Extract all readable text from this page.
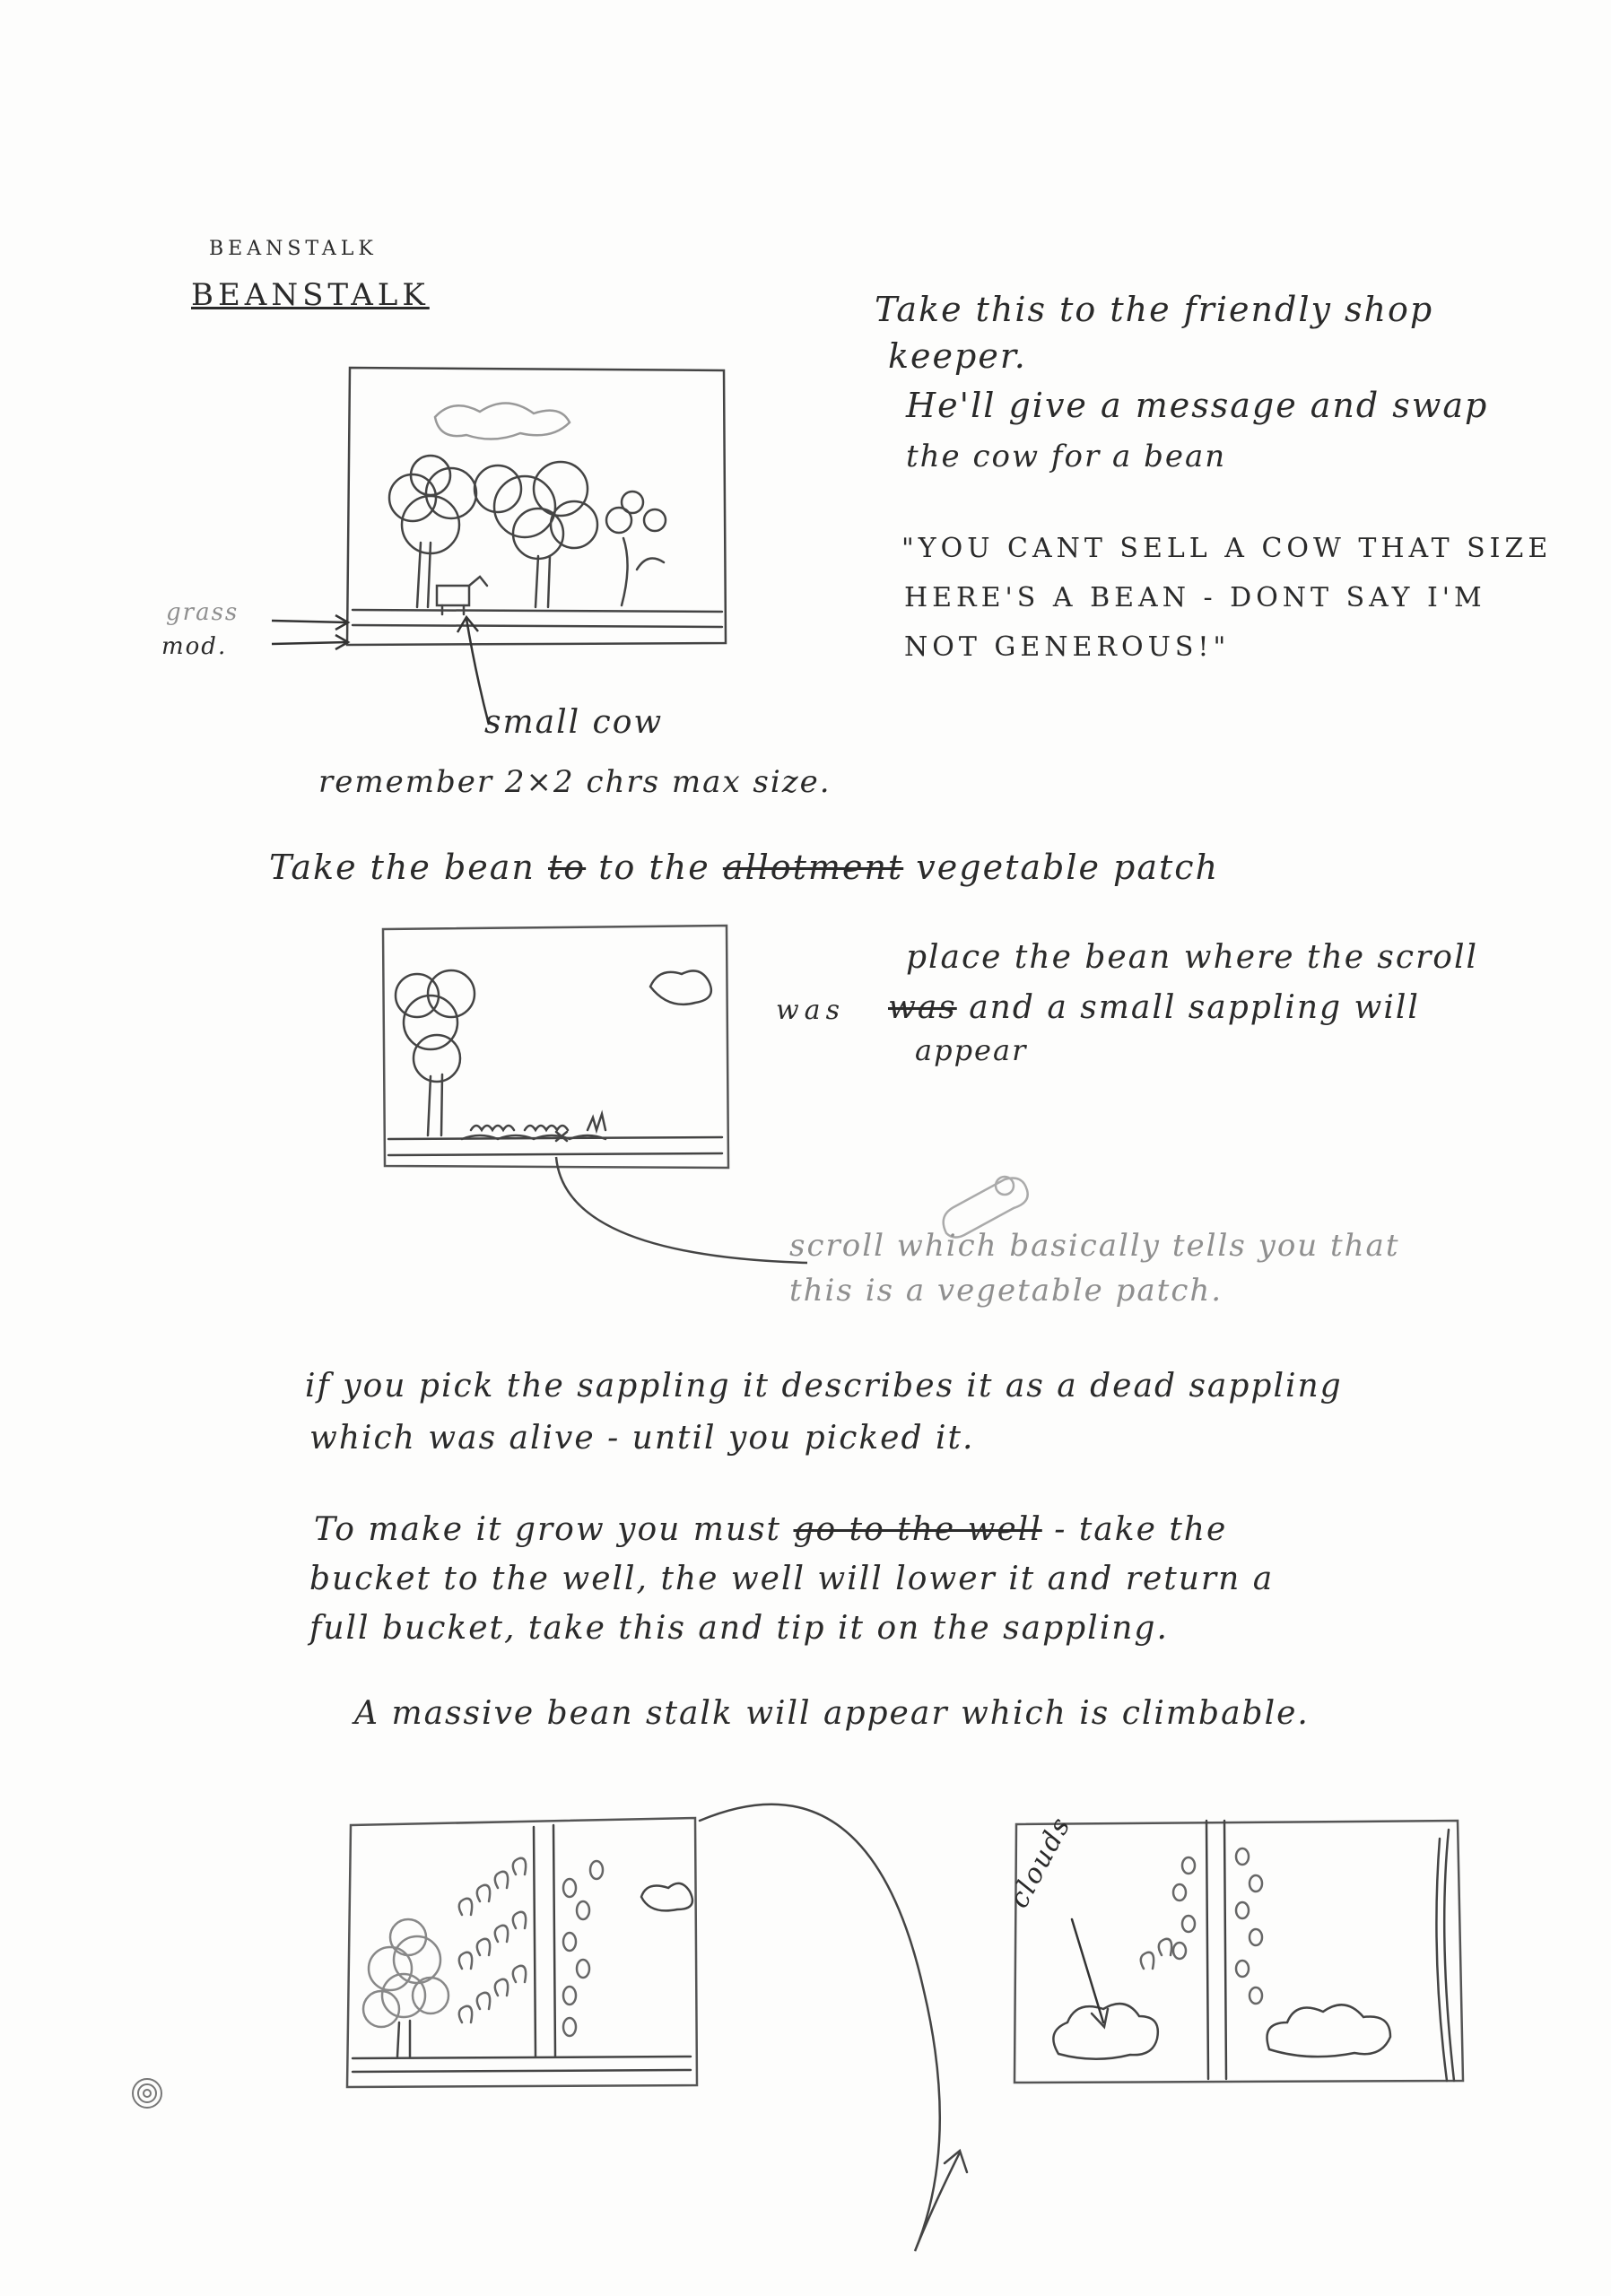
BEANSTALK
BEANSTALK
grass
mod.
small cow
remember 2×2 chrs max size.
Take this to the friendly shop
keeper.
He'll give a message and swap
the cow for a bean
"YOU CANT SELL A COW THAT SIZE
HERE'S A BEAN - DONT SAY I'M
NOT GENEROUS!"
Take the bean to to the allotment vegetable patch
was
place the bean where the scroll
was and a small sappling will
appear
scroll which basically tells you that
this is a vegetable patch.
if you pick the sappling it describes it as a dead sappling
which was alive - until you picked it.
To make it grow you must go to the well - take the
bucket to the well, the well will lower it and return a
full bucket, take this and tip it on the sappling.
A massive bean stalk will appear which is climbable.
clouds
